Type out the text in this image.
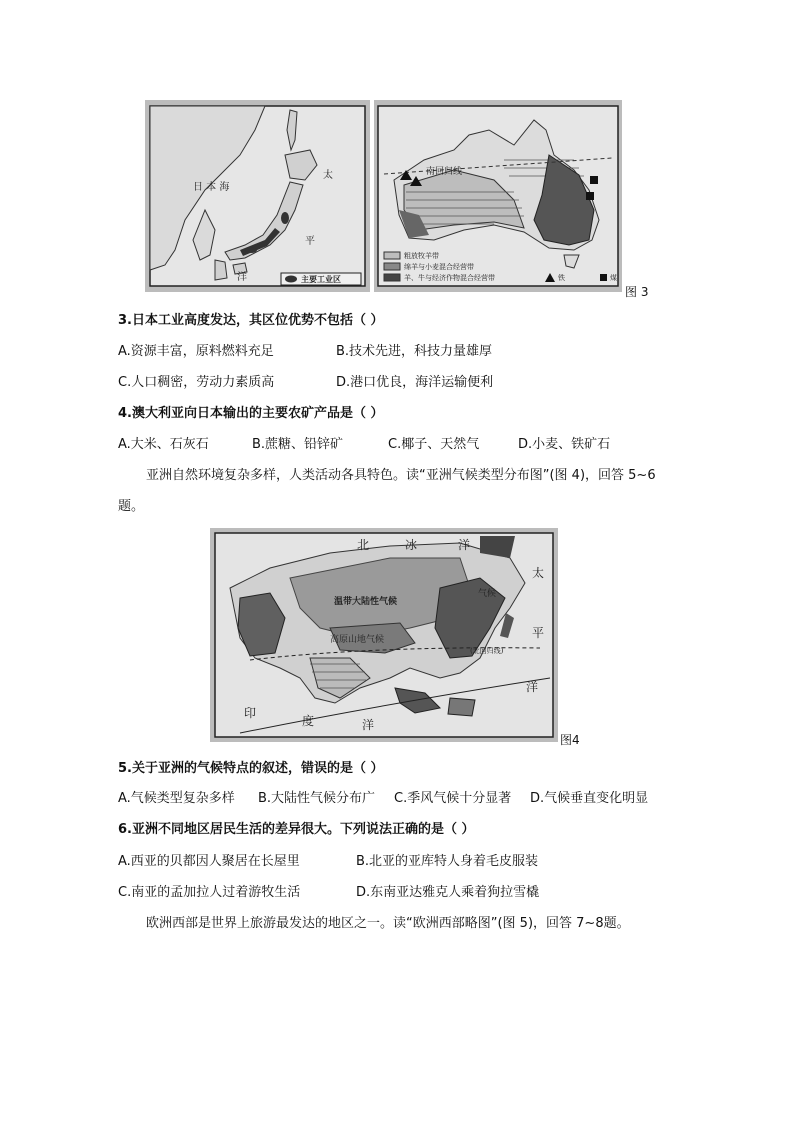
日 本 海
太
平
洋	主要工业区
南回归线
粗放牧羊带
绵羊与小麦混合经营带
羊、牛与经济作物混合经营带	铁	煤
图 3
3.日本工业高度发达，其区位优势不包括（ ）
A.资源丰富，原料燃料充足	B.技术先进，科技力量雄厚
C.人口稠密，劳动力素质高	D.港口优良，海洋运输便利
4.澳大利亚向日本输出的主要农矿产品是（ ）
A.大米、石灰石	B.蔗糖、铅锌矿	C.椰子、天然气	D.小麦、铁矿石
亚洲自然环境复杂多样，人类活动各具特色。读“亚洲气候类型分布图”(图 4)，回答 5~6
题。
北	冰	洋
太
平
洋
印
度	洋
温带大陆性气候
高原山地气候
气候
(北回归线)
图4
5.关于亚洲的气候特点的叙述，错误的是（ ）
A.气候类型复杂多样 B.大陆性气候分布广 C.季风气候十分显著 D.气候垂直变化明显
6.亚洲不同地区居民生活的差异很大。下列说法正确的是（ ）
A.西亚的贝都因人聚居在长屋里	B.北亚的亚库特人身着毛皮服装
C.南亚的孟加拉人过着游牧生活	D.东南亚达雅克人乘着狗拉雪橇
欧洲西部是世界上旅游最发达的地区之一。读“欧洲西部略图”(图 5)，回答 7~8题。
